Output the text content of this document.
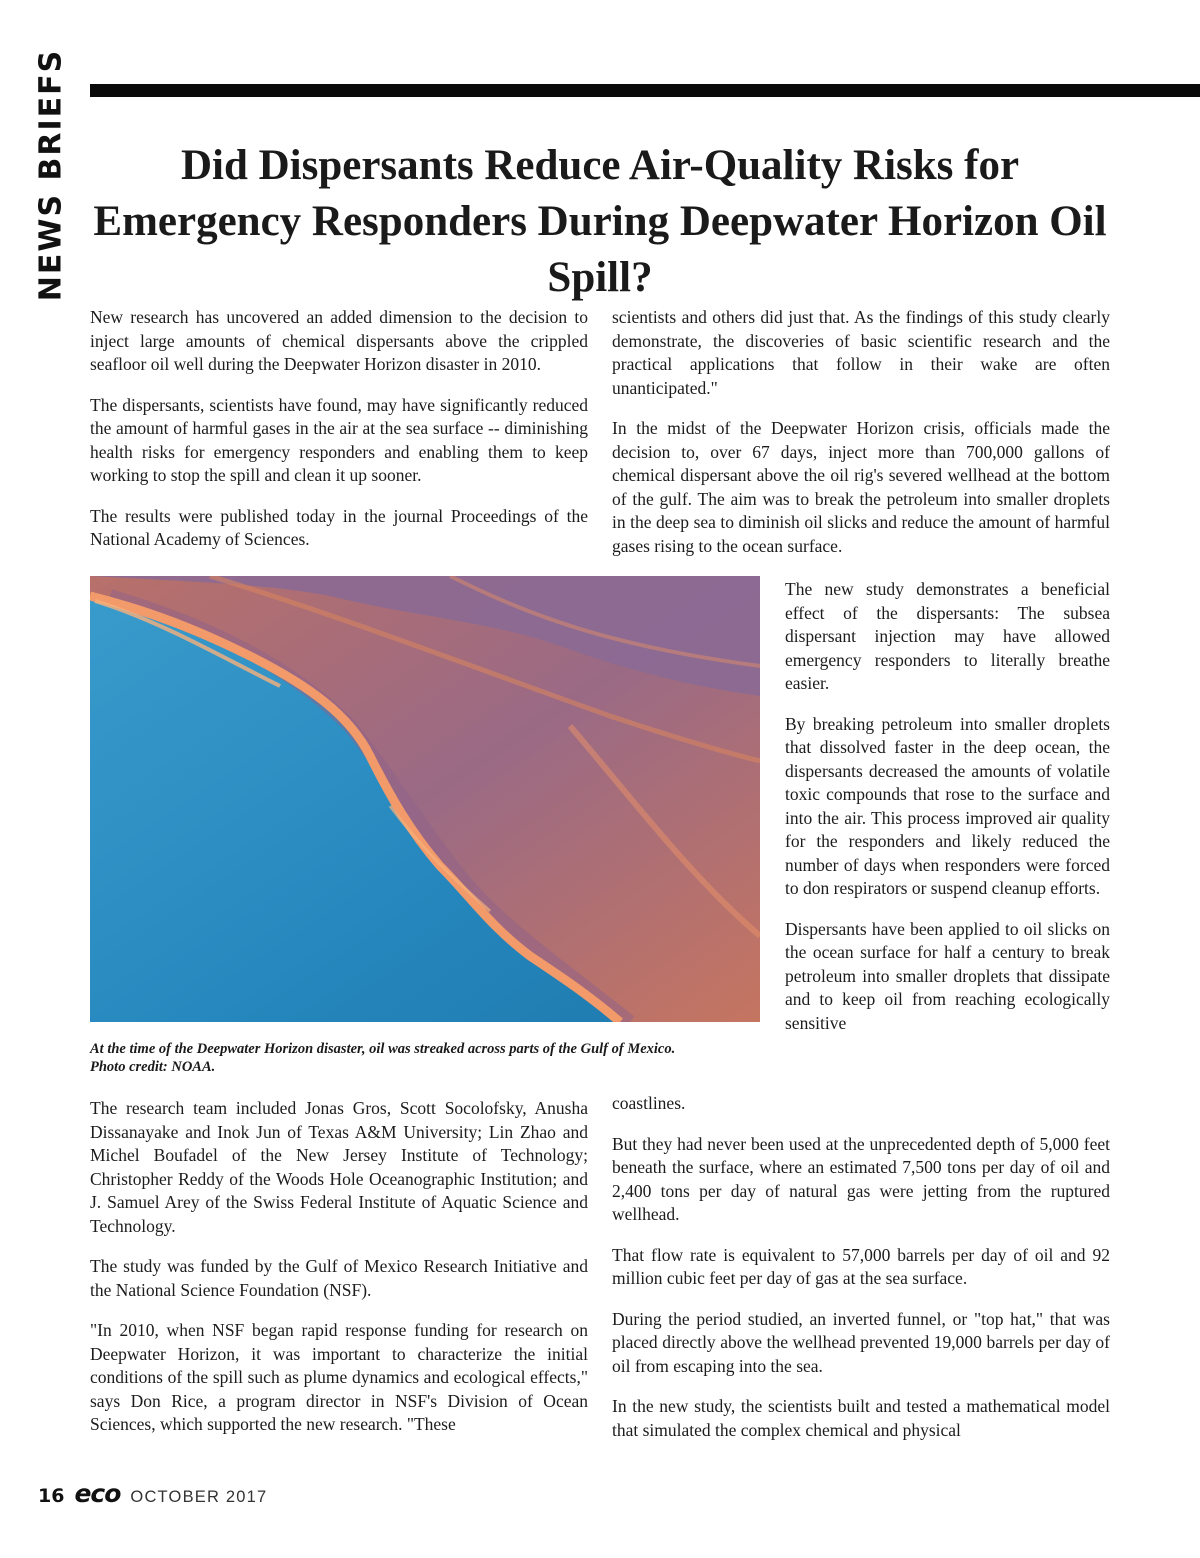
NEWS BRIEFS	Did Dispersants Reduce Air-Quality Risks for Emergency Responders During Deepwater Horizon Oil Spill?

New research has uncovered an added dimension to the decision to inject large amounts of chemical dispersants above the crippled seafloor oil well during the Deepwater Horizon disaster in 2010.

The dispersants, scientists have found, may have significantly reduced the amount of harmful gases in the air at the sea surface -- diminishing health risks for emergency responders and enabling them to keep working to stop the spill and clean it up sooner.

The results were published today in the journal Proceedings of the National Academy of Sciences.

scientists and others did just that. As the findings of this study clearly demonstrate, the discoveries of basic scientific research and the practical applications that follow in their wake are often unanticipated."

In the midst of the Deepwater Horizon crisis, officials made the decision to, over 67 days, inject more than 700,000 gallons of chemical dispersant above the oil rig's severed wellhead at the bottom of the gulf. The aim was to break the petroleum into smaller droplets in the deep sea to diminish oil slicks and reduce the amount of harmful gases rising to the ocean surface.

At the time of the Deepwater Horizon disaster, oil was streaked across parts of the Gulf of Mexico.
Photo credit: NOAA.

The new study demonstrates a beneficial effect of the dispersants: The subsea dispersant injection may have allowed emergency responders to literally breathe easier.

By breaking petroleum into smaller droplets that dissolved faster in the deep ocean, the dispersants decreased the amounts of volatile toxic compounds that rose to the surface and into the air. This process improved air quality for the responders and likely reduced the number of days when responders were forced to don respirators or suspend cleanup efforts.

Dispersants have been applied to oil slicks on the ocean surface for half a century to break petroleum into smaller droplets that dissipate and to keep oil from reaching ecologically sensitive

The research team included Jonas Gros, Scott Socolofsky, Anusha Dissanayake and Inok Jun of Texas A&M University; Lin Zhao and Michel Boufadel of the New Jersey Institute of Technology; Christopher Reddy of the Woods Hole Oceanographic Institution; and J. Samuel Arey of the Swiss Federal Institute of Aquatic Science and Technology.

The study was funded by the Gulf of Mexico Research Initiative and the National Science Foundation (NSF).

"In 2010, when NSF began rapid response funding for research on Deepwater Horizon, it was important to characterize the initial conditions of the spill such as plume dynamics and ecological effects," says Don Rice, a program director in NSF's Division of Ocean Sciences, which supported the new research. "These

coastlines.

But they had never been used at the unprecedented depth of 5,000 feet beneath the surface, where an estimated 7,500 tons per day of oil and 2,400 tons per day of natural gas were jetting from the ruptured wellhead.

That flow rate is equivalent to 57,000 barrels per day of oil and 92 million cubic feet per day of gas at the sea surface.

During the period studied, an inverted funnel, or "top hat," that was placed directly above the wellhead prevented 19,000 barrels per day of oil from escaping into the sea.

In the new study, the scientists built and tested a mathematical model that simulated the complex chemical and physical

16 eco OCTOBER 2017
